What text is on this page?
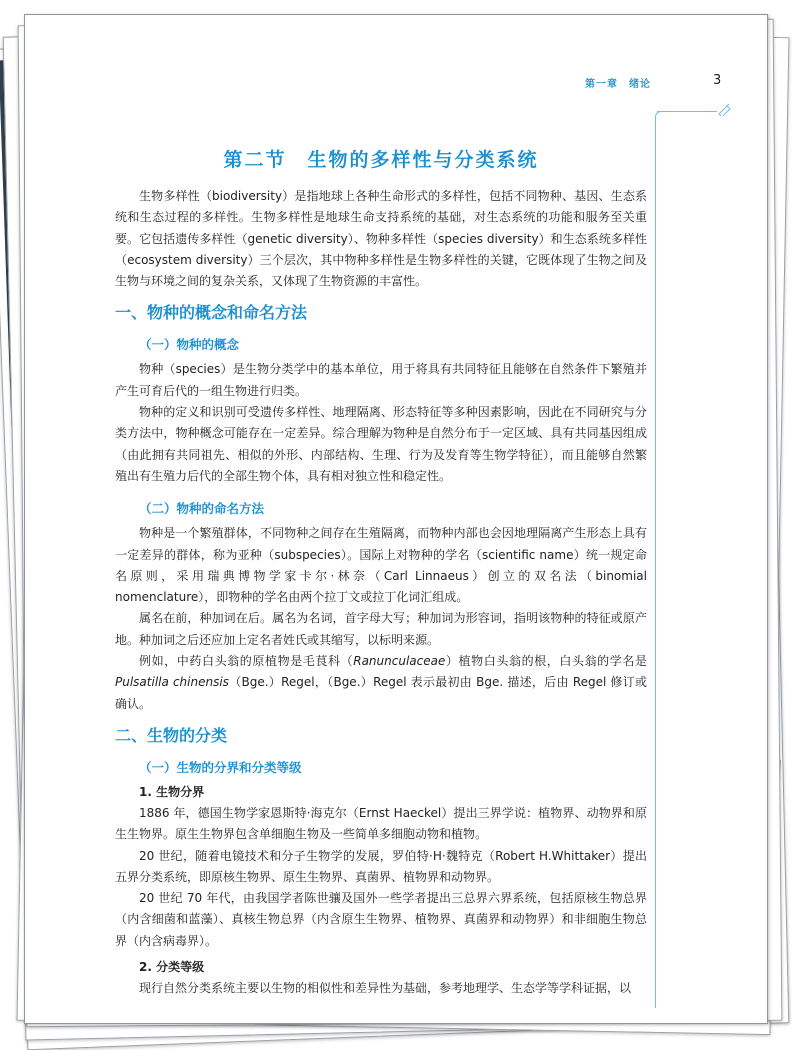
第一章　绪论	3
第二节　生物的多样性与分类系统

生物多样性（biodiversity）是指地球上各种生命形式的多样性，包括不同物种、基因、生态系统和生态过程的多样性。生物多样性是地球生命支持系统的基础，对生态系统的功能和服务至关重要。它包括遗传多样性（genetic diversity）、物种多样性（species diversity）和生态系统多样性（ecosystem diversity）三个层次，其中物种多样性是生物多样性的关键，它既体现了生物之间及生物与环境之间的复杂关系，又体现了生物资源的丰富性。

一、物种的概念和命名方法
（一）物种的概念

物种（species）是生物分类学中的基本单位，用于将具有共同特征且能够在自然条件下繁殖并产生可育后代的一组生物进行归类。

物种的定义和识别可受遗传多样性、地理隔离、形态特征等多种因素影响，因此在不同研究与分类方法中，物种概念可能存在一定差异。综合理解为物种是自然分布于一定区域、具有共同基因组成（由此拥有共同祖先、相似的外形、内部结构、生理、行为及发育等生物学特征），而且能够自然繁殖出有生殖力后代的全部生物个体，具有相对独立性和稳定性。

（二）物种的命名方法

物种是一个繁殖群体，不同物种之间存在生殖隔离，而物种内部也会因地理隔离产生形态上具有一定差异的群体，称为亚种（subspecies）。国际上对物种的学名（scientific name）统一规定命名原则，采用瑞典博物学家卡尔·林奈（Carl Linnaeus）创立的双名法（binomial nomenclature），即物种的学名由两个拉丁文或拉丁化词汇组成。

属名在前，种加词在后。属名为名词，首字母大写；种加词为形容词，指明该物种的特征或原产地。种加词之后还应加上定名者姓氏或其缩写，以标明来源。

例如，中药白头翁的原植物是毛茛科（Ranunculaceae）植物白头翁的根，白头翁的学名是Pulsatilla chinensis（Bge.）Regel，（Bge.）Regel 表示最初由 Bge. 描述，后由 Regel 修订或确认。

二、生物的分类
（一）生物的分界和分类等级
1. 生物分界

1886 年，德国生物学家恩斯特·海克尔（Ernst Haeckel）提出三界学说：植物界、动物界和原生生物界。原生生物界包含单细胞生物及一些简单多细胞动物和植物。

20 世纪，随着电镜技术和分子生物学的发展，罗伯特·H·魏特克（Robert H.Whittaker）提出五界分类系统，即原核生物界、原生生物界、真菌界、植物界和动物界。

20 世纪 70 年代，由我国学者陈世骧及国外一些学者提出三总界六界系统，包括原核生物总界（内含细菌和蓝藻）、真核生物总界（内含原生生物界、植物界、真菌界和动物界）和非细胞生物总界（内含病毒界）。

2. 分类等级

现行自然分类系统主要以生物的相似性和差异性为基础，参考地理学、生态学等学科证据，以
